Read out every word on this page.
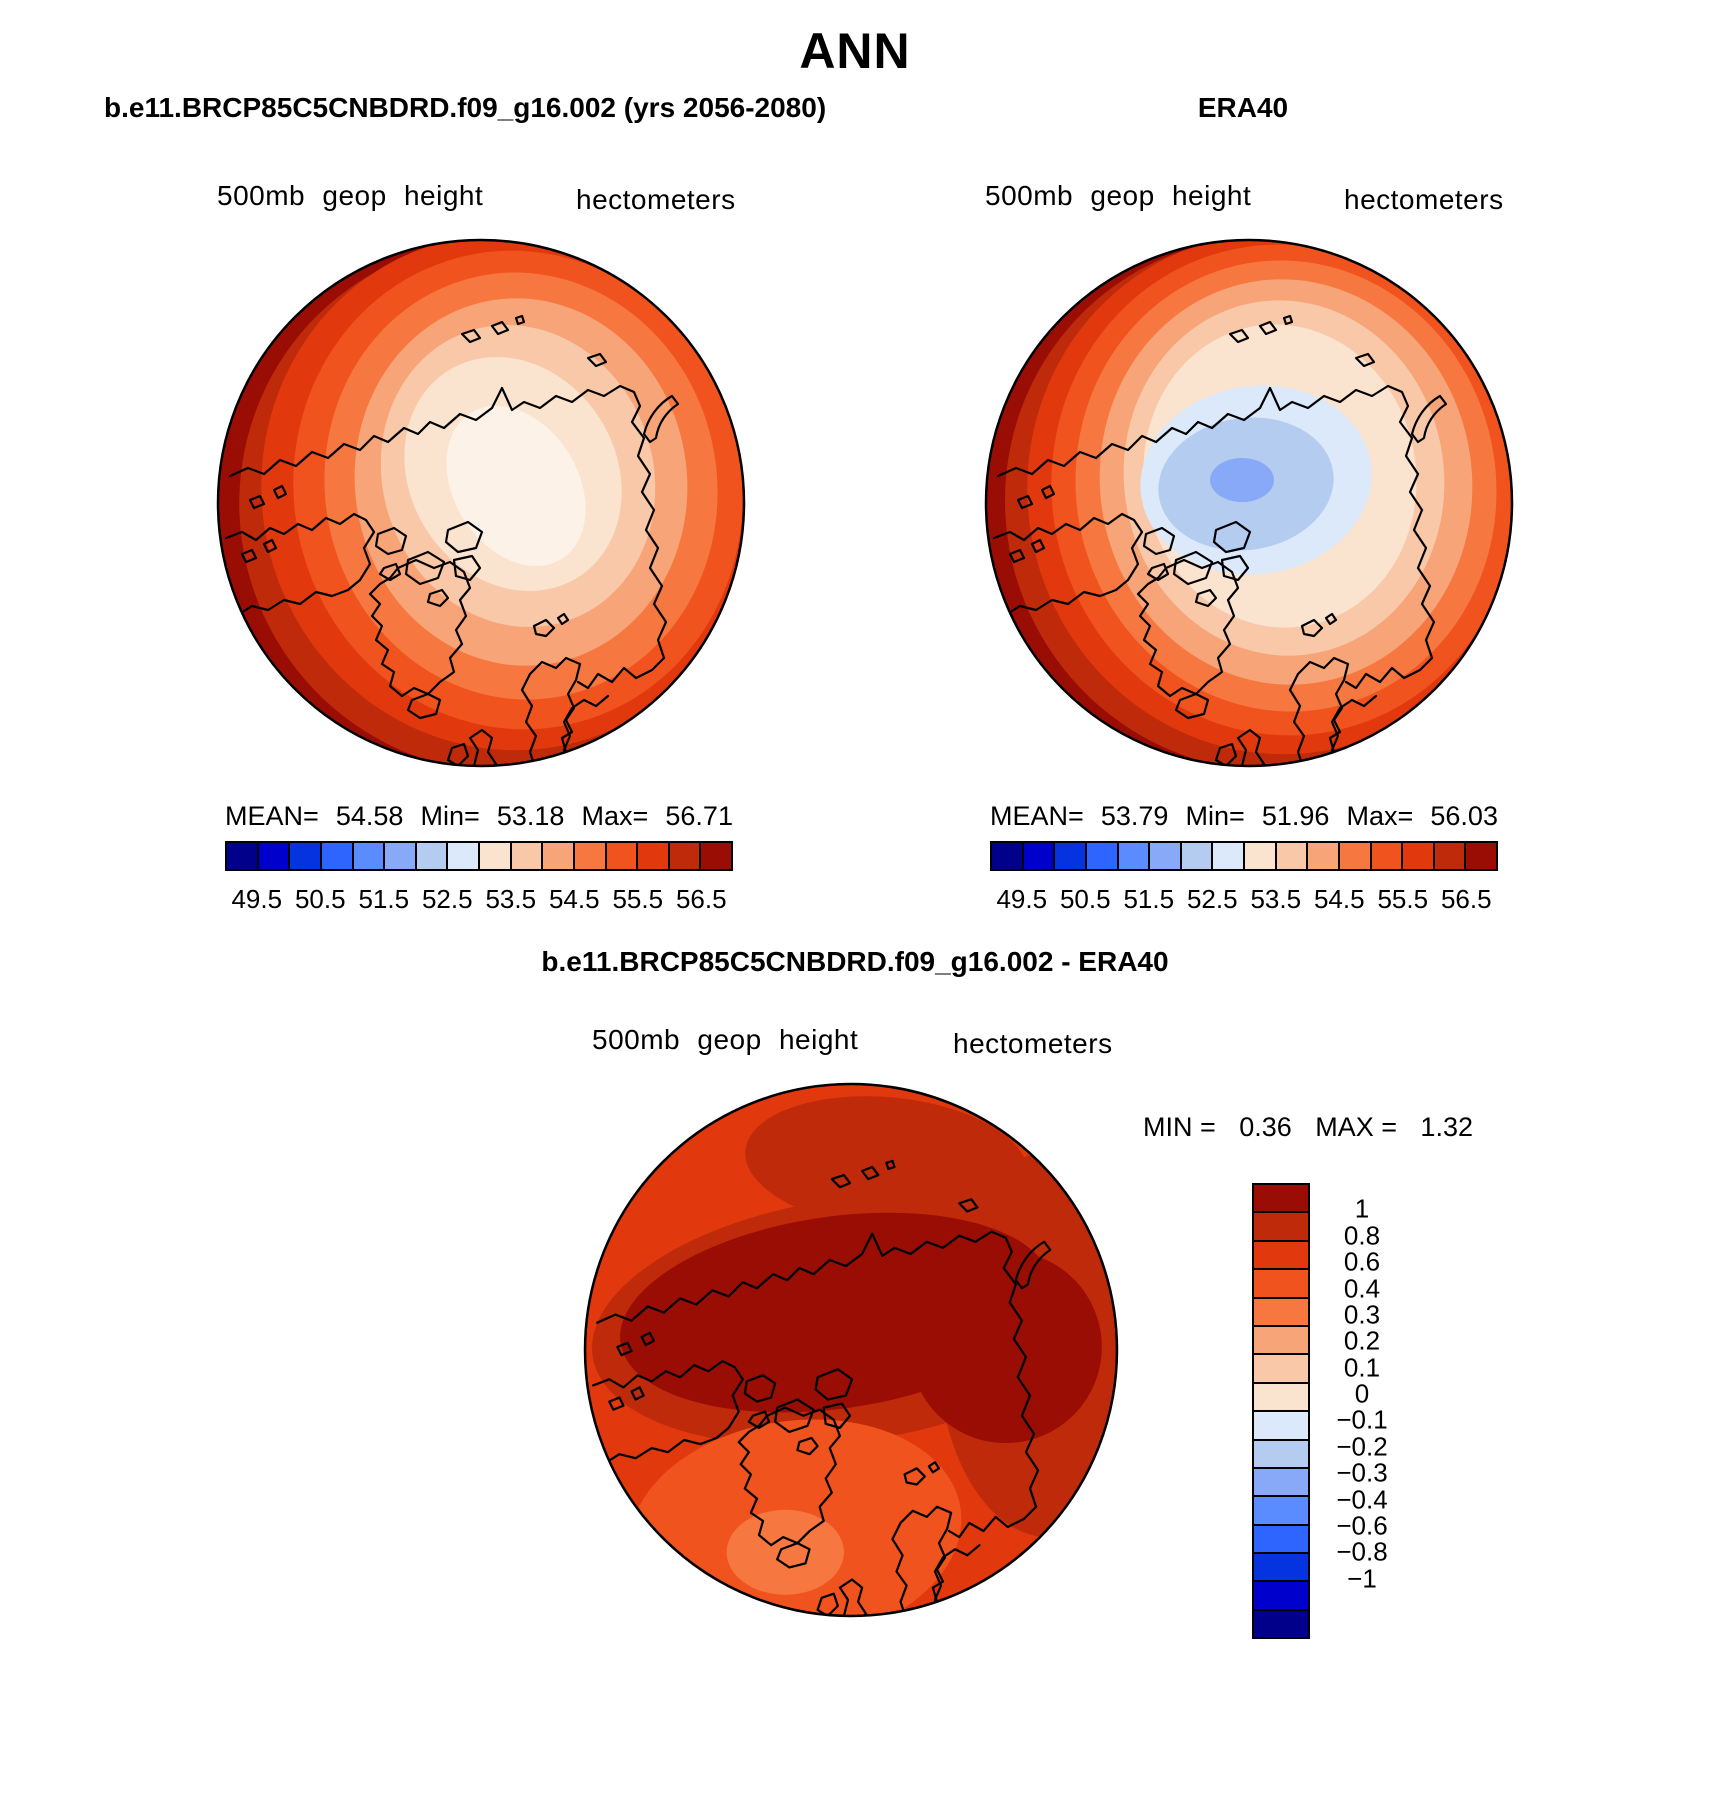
ANN
b.e11.BRCP85C5CNBDRD.f09_g16.002 (yrs 2056-2080)	ERA40
500mb geop height	hectometers
MEAN= 54.58 Min= 53.18 Max= 56.71
49.5 50.5 51.5 52.5 53.5 54.5 55.5 56.5
500mb geop height	hectometers
MEAN= 53.79 Min= 51.96 Max= 56.03
49.5 50.5 51.5 52.5 53.5 54.5 55.5 56.5
b.e11.BRCP85C5CNBDRD.f09_g16.002 - ERA40
500mb geop height	hectometers
MIN = 0.36 MAX = 1.32
1
0.8
0.6
0.4
0.3
0.2
0.1
0
−0.1
−0.2
−0.3
−0.4
−0.6
−0.8
−1
